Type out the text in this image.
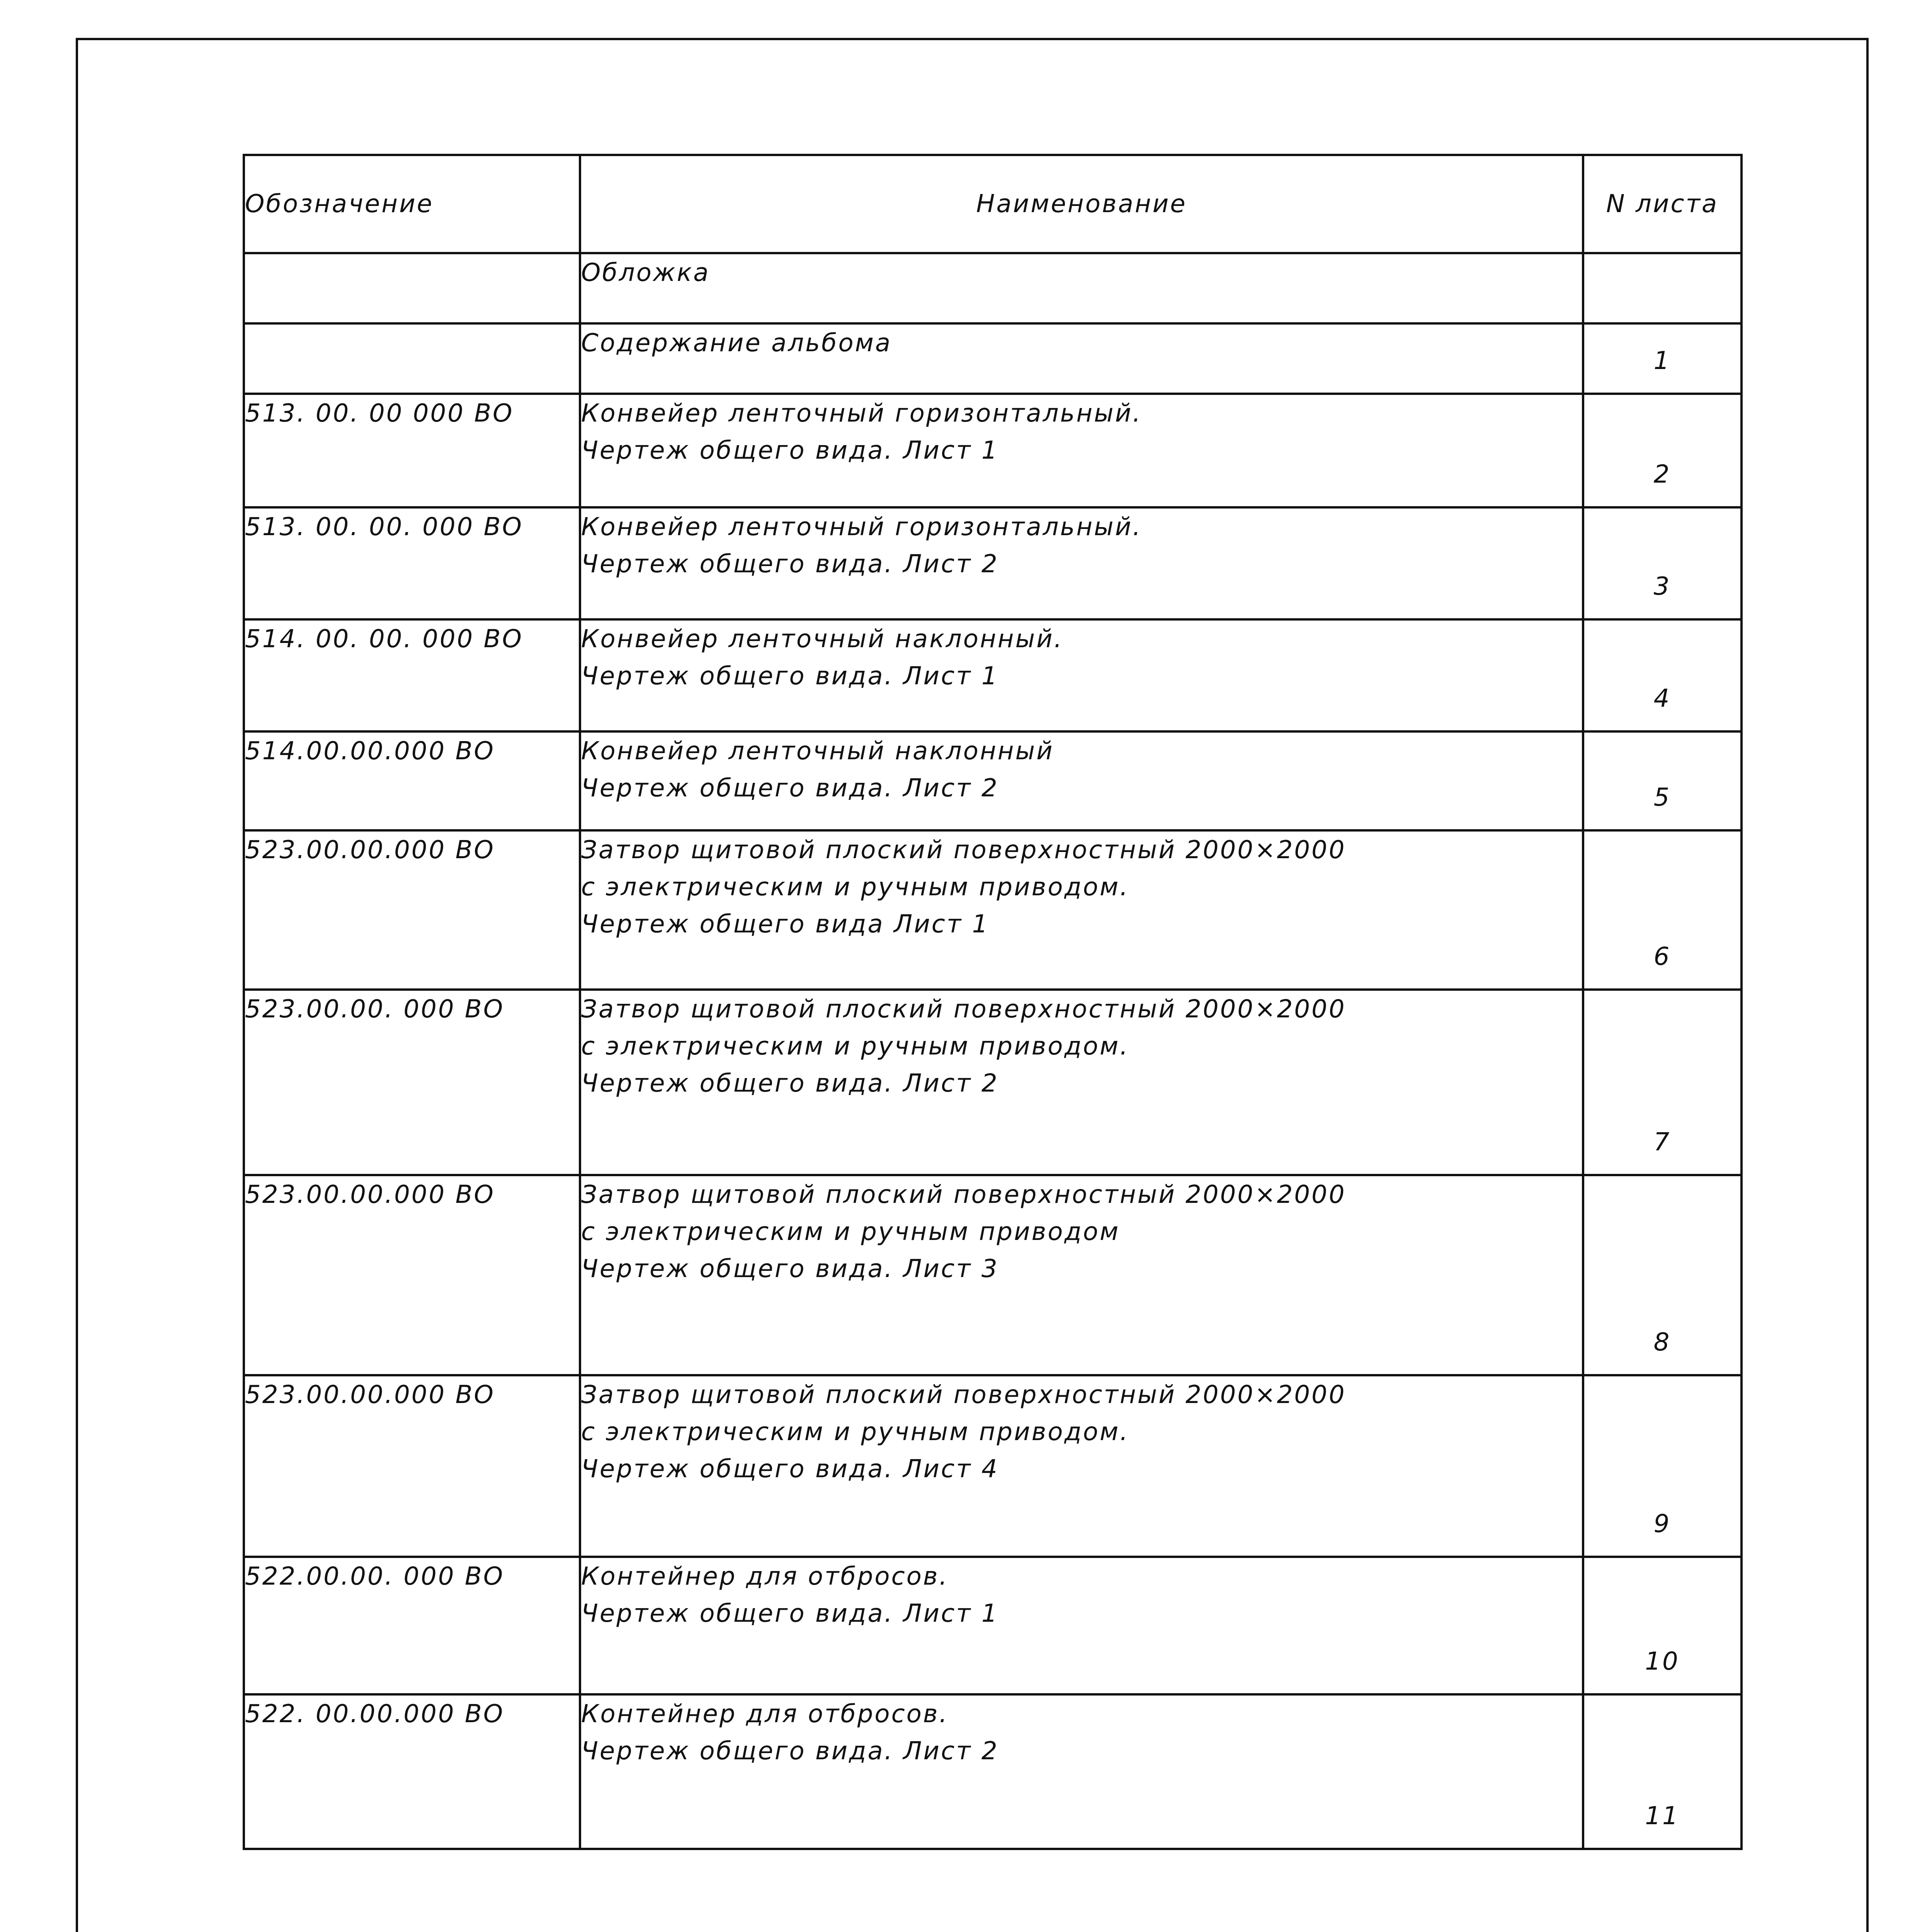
Обозначение	Наименование	N листа

	Обложка	

	Содержание альбома	1
513. 00. 00 000 ВО	Конвейер ленточный горизонтальный.
Чертеж общего вида. Лист 1	2
513. 00. 00. 000 ВО	Конвейер ленточный горизонтальный.
Чертеж общего вида. Лист 2	3
514. 00. 00. 000 ВО	Конвейер ленточный наклонный.
Чертеж общего вида. Лист 1	4
514.00.00.000 ВО	Конвейер ленточный наклонный
Чертеж общего вида. Лист 2	5
523.00.00.000 ВО	Затвор щитовой плоский поверхностный 2000×2000
с электрическим и ручным приводом.
Чертеж общего вида Лист 1	6
523.00.00. 000 ВО	Затвор щитовой плоский поверхностный 2000×2000
с электрическим и ручным приводом.
Чертеж общего вида. Лист 2	7
523.00.00.000 ВО	Затвор щитовой плоский поверхностный 2000×2000
с электрическим и ручным приводом
Чертеж общего вида. Лист 3	8
523.00.00.000 ВО	Затвор щитовой плоский поверхностный 2000×2000
с электрическим и ручным приводом.
Чертеж общего вида. Лист 4	9
522.00.00. 000 ВО	Контейнер для отбросов.
Чертеж общего вида. Лист 1	10
522. 00.00.000 ВО	Контейнер для отбросов.
Чертеж общего вида. Лист 2	11
